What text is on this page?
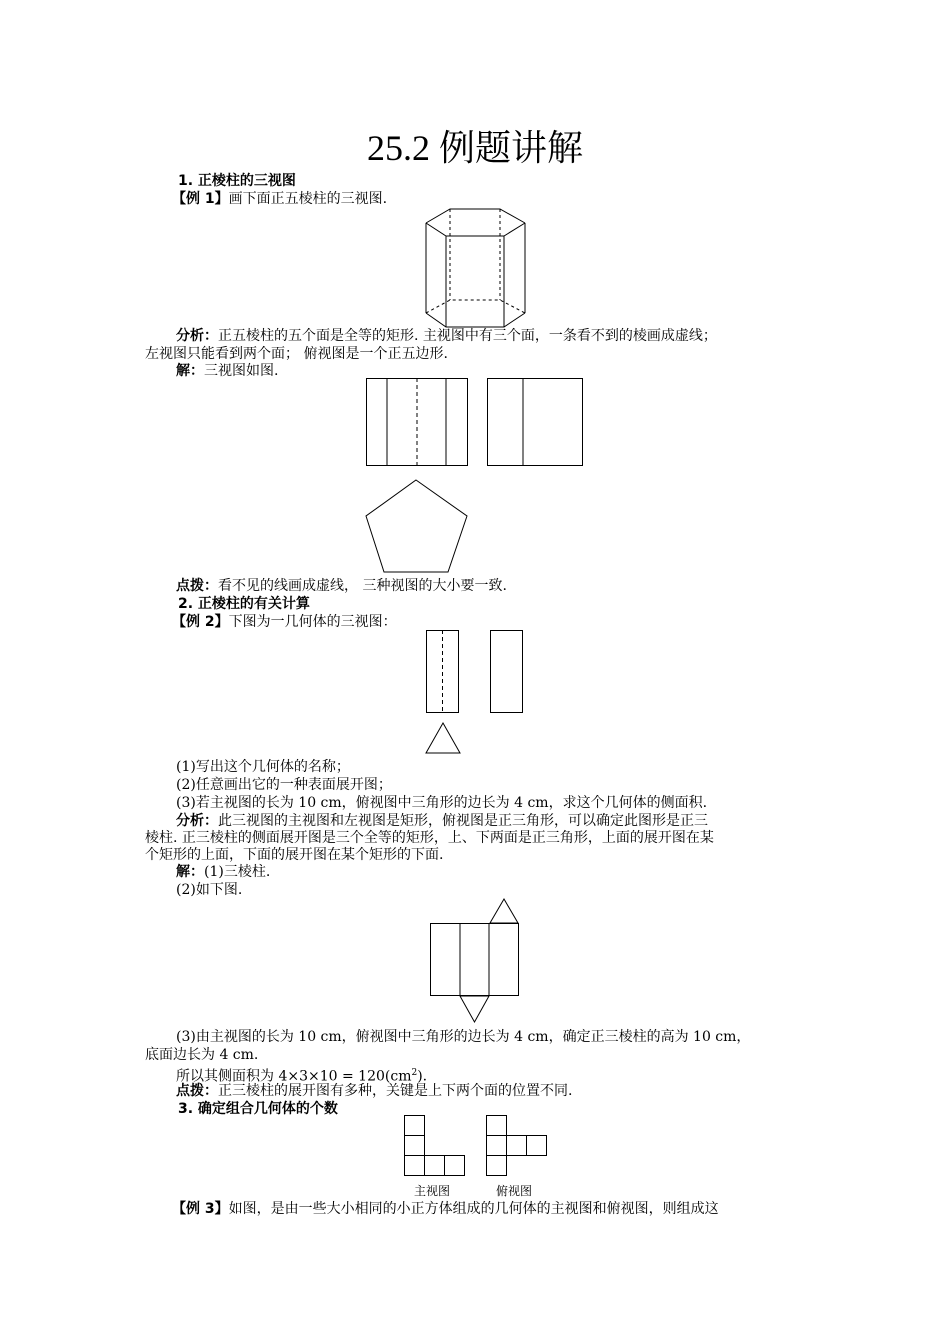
25.2 例题讲解
1. 正棱柱的三视图
【例 1】画下面正五棱柱的三视图.
分析：正五棱柱的五个面是全等的矩形. 主视图中有三个面，一条看不到的棱画成虚线；
左视图只能看到两个面； 俯视图是一个正五边形.
解：三视图如图.
点拨：看不见的线画成虚线， 三种视图的大小要一致.
2. 正棱柱的有关计算
【例 2】下图为一几何体的三视图：
(1)写出这个几何体的名称；
(2)任意画出它的一种表面展开图；
(3)若主视图的长为 10 cm，俯视图中三角形的边长为 4 cm，求这个几何体的侧面积.
分析：此三视图的主视图和左视图是矩形，俯视图是正三角形，可以确定此图形是正三
棱柱. 正三棱柱的侧面展开图是三个全等的矩形，上、下两面是正三角形，上面的展开图在某
个矩形的上面，下面的展开图在某个矩形的下面.
解：(1)三棱柱.
(2)如下图.
(3)由主视图的长为 10 cm，俯视图中三角形的边长为 4 cm，确定正三棱柱的高为 10 cm，
底面边长为 4 cm.
所以其侧面积为 $4\times 3\times 10 = 120(cm^2)$.
点拨：正三棱柱的展开图有多种，关键是上下两个面的位置不同.
3. 确定组合几何体的个数
主视图	俯视图
【例 3】如图，是由一些大小相同的小正方体组成的几何体的主视图和俯视图，则组成这
